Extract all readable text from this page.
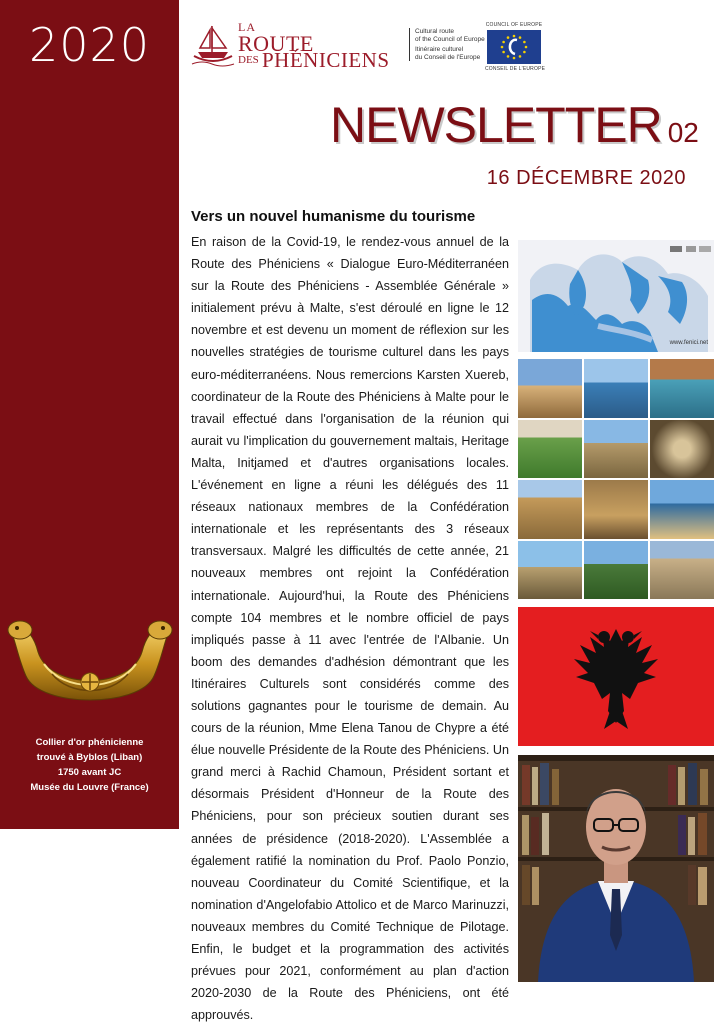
2020
Collier d'or phénicienne
trouvé à Byblos (Liban)
1750 avant JC
Musée du Louvre (France)
LA
ROUTE
DES PHÉNICIENS
Cultural route
of the Council of Europe
Itinéraire culturel
du Conseil de l'Europe
COUNCIL OF EUROPE
CONSEIL DE L'EUROPE
NEWSLETTER 02
16 DÉCEMBRE 2020
Vers un nouvel humanisme du tourisme

En raison de la Covid-19, le rendez-vous annuel de la Route des Phéniciens « Dialogue Euro-Méditerranéen sur la Route des Phéniciens - Assemblée Générale » initialement prévu à Malte, s'est déroulé en ligne le 12 novembre et est devenu un moment de réflexion sur les nouvelles stratégies de tourisme culturel dans les pays euro-méditerranéens. Nous remercions Karsten Xuereb, coordinateur de la Route des Phéniciens à Malte pour le travail effectué dans l'organisation de la réunion qui aurait vu l'implication du gouvernement maltais, Heritage Malta, Initjamed et d'autres organisations locales. L'événement en ligne a réuni les délégués des 11 réseaux nationaux membres de la Confédération internationale et les représentants des 3 réseaux transversaux. Malgré les difficultés de cette année, 21 nouveaux membres ont rejoint la Confédération internationale. Aujourd'hui, la Route des Phéniciens compte 104 membres et le nombre officiel de pays impliqués passe à 11 avec l'entrée de l'Albanie. Un boom des demandes d'adhésion démontrant que les Itinéraires Culturels sont considérés comme des solutions gagnantes pour le tourisme de demain. Au cours de la réunion, Mme Elena Tanou de Chypre a été élue nouvelle Présidente de la Route des Phéniciens. Un grand merci à Rachid Chamoun, Président sortant et désormais Président d'Honneur de la Route des Phéniciens, pour son précieux soutien durant ses années de présidence (2018-2020). L'Assemblée a également ratifié la nomination du Prof. Paolo Ponzio, nouveau Coordinateur du Comité Scientifique, et la nomination d'Angelofabio Attolico et de Marco Marinuzzi, nouveaux membres du Comité Technique de Pilotage. Enfin, le budget et la programmation des activités prévues pour 2021, conformément au plan d'action 2020-2030 de la Route des Phéniciens, ont été approuvés.

www.fenici.net
